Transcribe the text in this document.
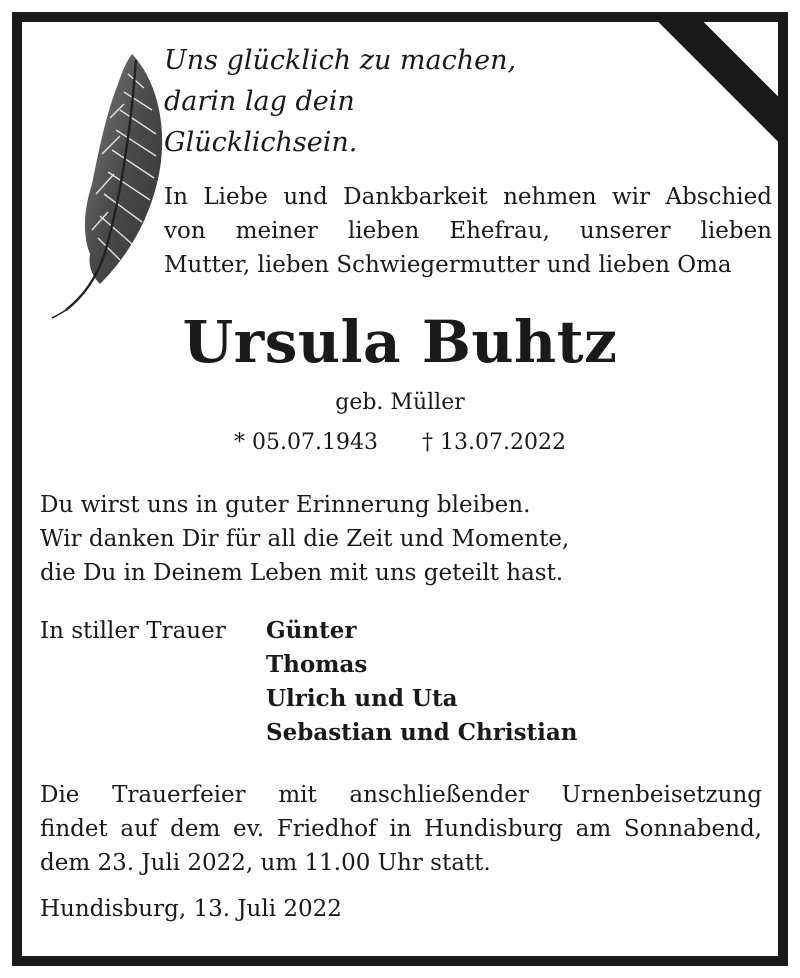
Uns glücklich zu machen,
darin lag dein
Glücklichsein.
In Liebe und Dankbarkeit nehmen wir Abschied
von meiner lieben Ehefrau, unserer lieben
Mutter, lieben Schwiegermutter und lieben Oma
Ursula Buhtz
geb. Müller
* 05.07.1943 † 13.07.2022
Du wirst uns in guter Erinnerung bleiben.
Wir danken Dir für all die Zeit und Momente,
die Du in Deinem Leben mit uns geteilt hast.
In stiller Trauer Günter
Thomas
Ulrich und Uta
Sebastian und Christian
Die Trauerfeier mit anschließender Urnenbeisetzung
findet auf dem ev. Friedhof in Hundisburg am Sonnabend,
dem 23. Juli 2022, um 11.00 Uhr statt.
Hundisburg, 13. Juli 2022
